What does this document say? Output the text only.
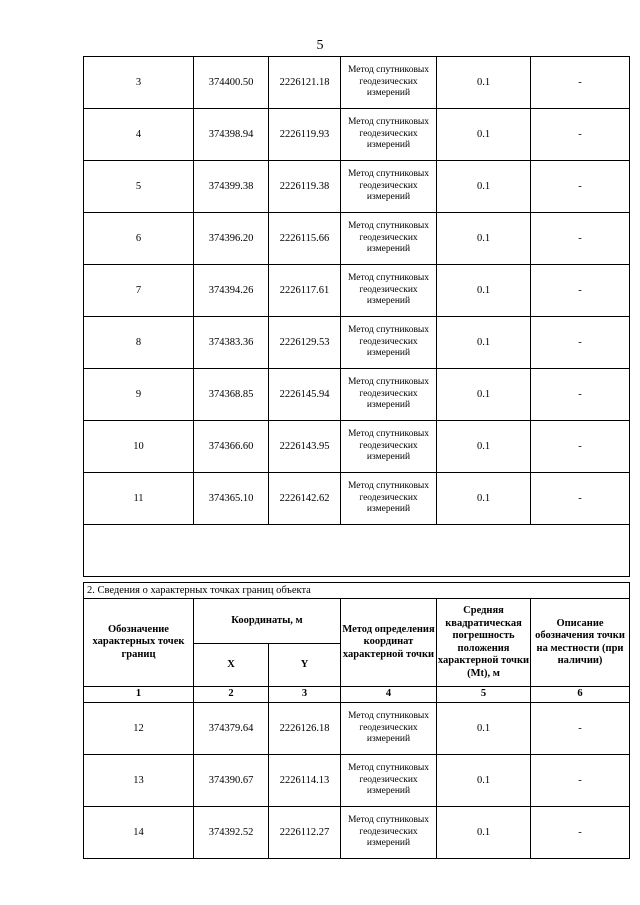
5
3	374400.50	2226121.18	Метод спутниковых геодезических измерений	0.1	-
4	374398.94	2226119.93	Метод спутниковых геодезических измерений	0.1	-
5	374399.38	2226119.38	Метод спутниковых геодезических измерений	0.1	-
6	374396.20	2226115.66	Метод спутниковых геодезических измерений	0.1	-
7	374394.26	2226117.61	Метод спутниковых геодезических измерений	0.1	-
8	374383.36	2226129.53	Метод спутниковых геодезических измерений	0.1	-
9	374368.85	2226145.94	Метод спутниковых геодезических измерений	0.1	-
10	374366.60	2226143.95	Метод спутниковых геодезических измерений	0.1	-
11	374365.10	2226142.62	Метод спутниковых геодезических измерений	0.1	-

2. Сведения о характерных точках границ объекта					
Обозначение характерных точек границ	Координаты, м		Метод определения координат характерной точки	Средняя квадратическая погрешность положения характерной точки (Mt), м	Описание обозначения точки на местности (при наличии)
	X	Y			
1	2	3	4	5	6
12	374379.64	2226126.18	Метод спутниковых геодезических измерений	0.1	-
13	374390.67	2226114.13	Метод спутниковых геодезических измерений	0.1	-
14	374392.52	2226112.27	Метод спутниковых геодезических измерений	0.1	-
